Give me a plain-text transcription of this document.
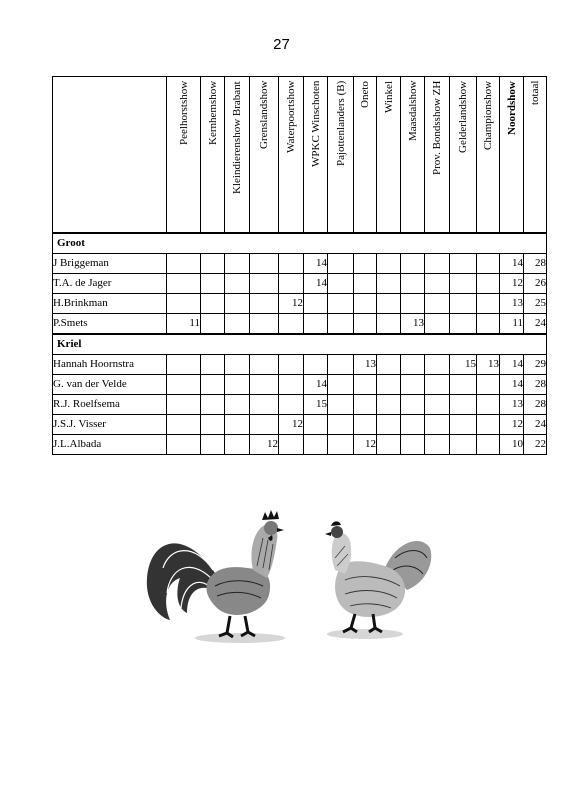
27

	Peelhorstshow	Kernhemshow	Kleindierenshow Brabant	Grenslandshow	Waterpoortshow	WPKC Winschoten	Pajottenlanders (B)	Oneto	Winkel	Maasdalshow	Prov. Bondsshow ZH	Gelderlandshow	Championshow	Noordshow	totaal

Groot															
J Briggeman						14								14	28
T.A. de Jager						14								12	26
H.Brinkman					12									13	25
P.Smets	11									13				11	24
Kriel															
Hannah Hoornstra								13				15	13	14	29
G. van der Velde						14								14	28
R.J. Roelfsema						15								13	28
J.S.J. Visser					12									12	24
J.L.Albada				12				12						10	22
